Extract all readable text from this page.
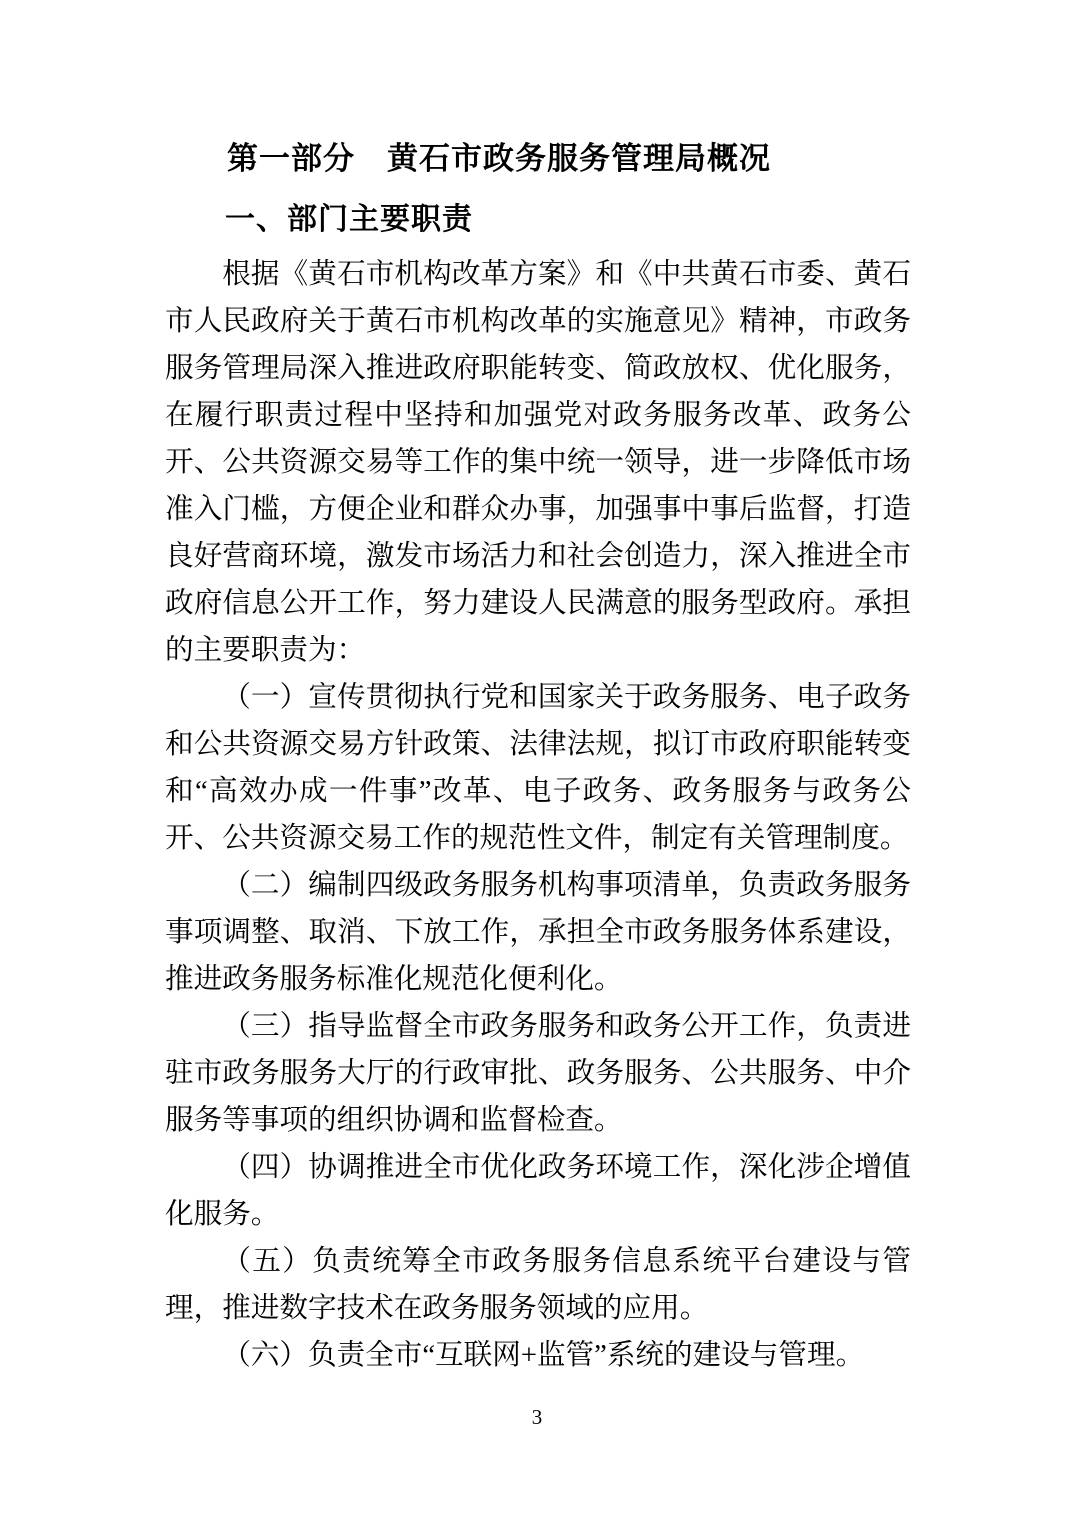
第一部分　黄石市政务服务管理局概况
一、部门主要职责

根据《黄石市机构改革方案》和《中共黄石市委、黄石市人民政府关于黄石市机构改革的实施意见》精神，市政务服务管理局深入推进政府职能转变、简政放权、优化服务，在履行职责过程中坚持和加强党对政务服务改革、政务公开、公共资源交易等工作的集中统一领导，进一步降低市场准入门槛，方便企业和群众办事，加强事中事后监督，打造良好营商环境，激发市场活力和社会创造力，深入推进全市政府信息公开工作，努力建设人民满意的服务型政府。承担的主要职责为：

（一）宣传贯彻执行党和国家关于政务服务、电子政务和公共资源交易方针政策、法律法规，拟订市政府职能转变和“高效办成一件事”改革、电子政务、政务服务与政务公开、公共资源交易工作的规范性文件，制定有关管理制度。

（二）编制四级政务服务机构事项清单，负责政务服务事项调整、取消、下放工作，承担全市政务服务体系建设，推进政务服务标准化规范化便利化。

（三）指导监督全市政务服务和政务公开工作，负责进驻市政务服务大厅的行政审批、政务服务、公共服务、中介服务等事项的组织协调和监督检查。

（四）协调推进全市优化政务环境工作，深化涉企增值化服务。

（五）负责统筹全市政务服务信息系统平台建设与管理，推进数字技术在政务服务领域的应用。

（六）负责全市“互联网+监管”系统的建设与管理。

3
